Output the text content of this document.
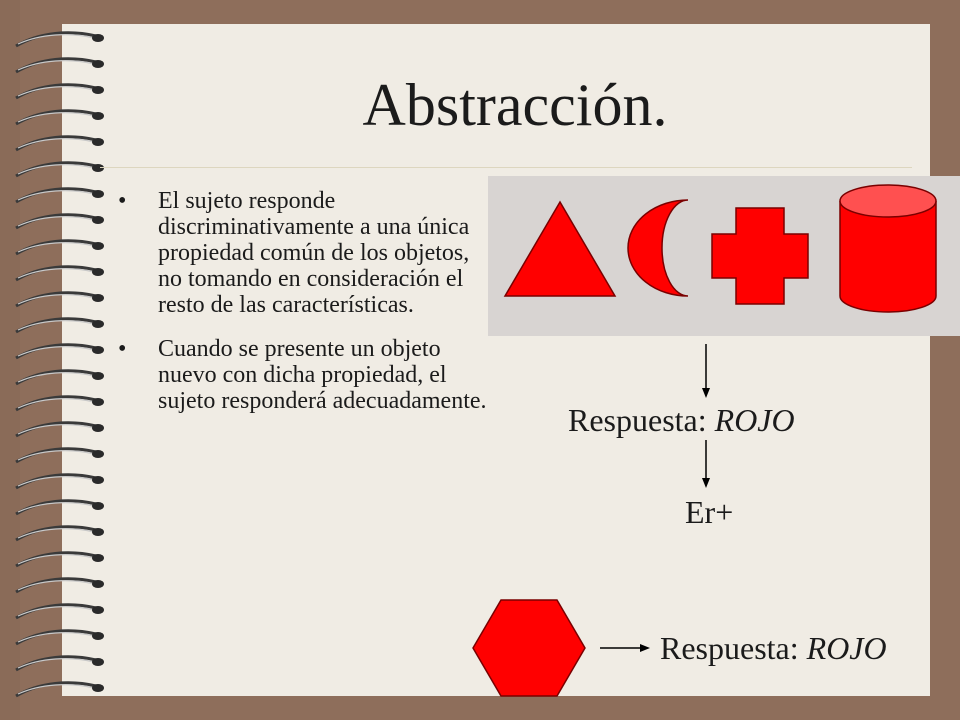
Abstracción.
• El sujeto responde discriminativamente a una única propiedad común de los objetos, no tomando en consideración el resto de las características.
• Cuando se presente un objeto nuevo con dicha propiedad, el sujeto responderá adecuadamente.
Respuesta: ROJO
Er+
Respuesta: ROJO
